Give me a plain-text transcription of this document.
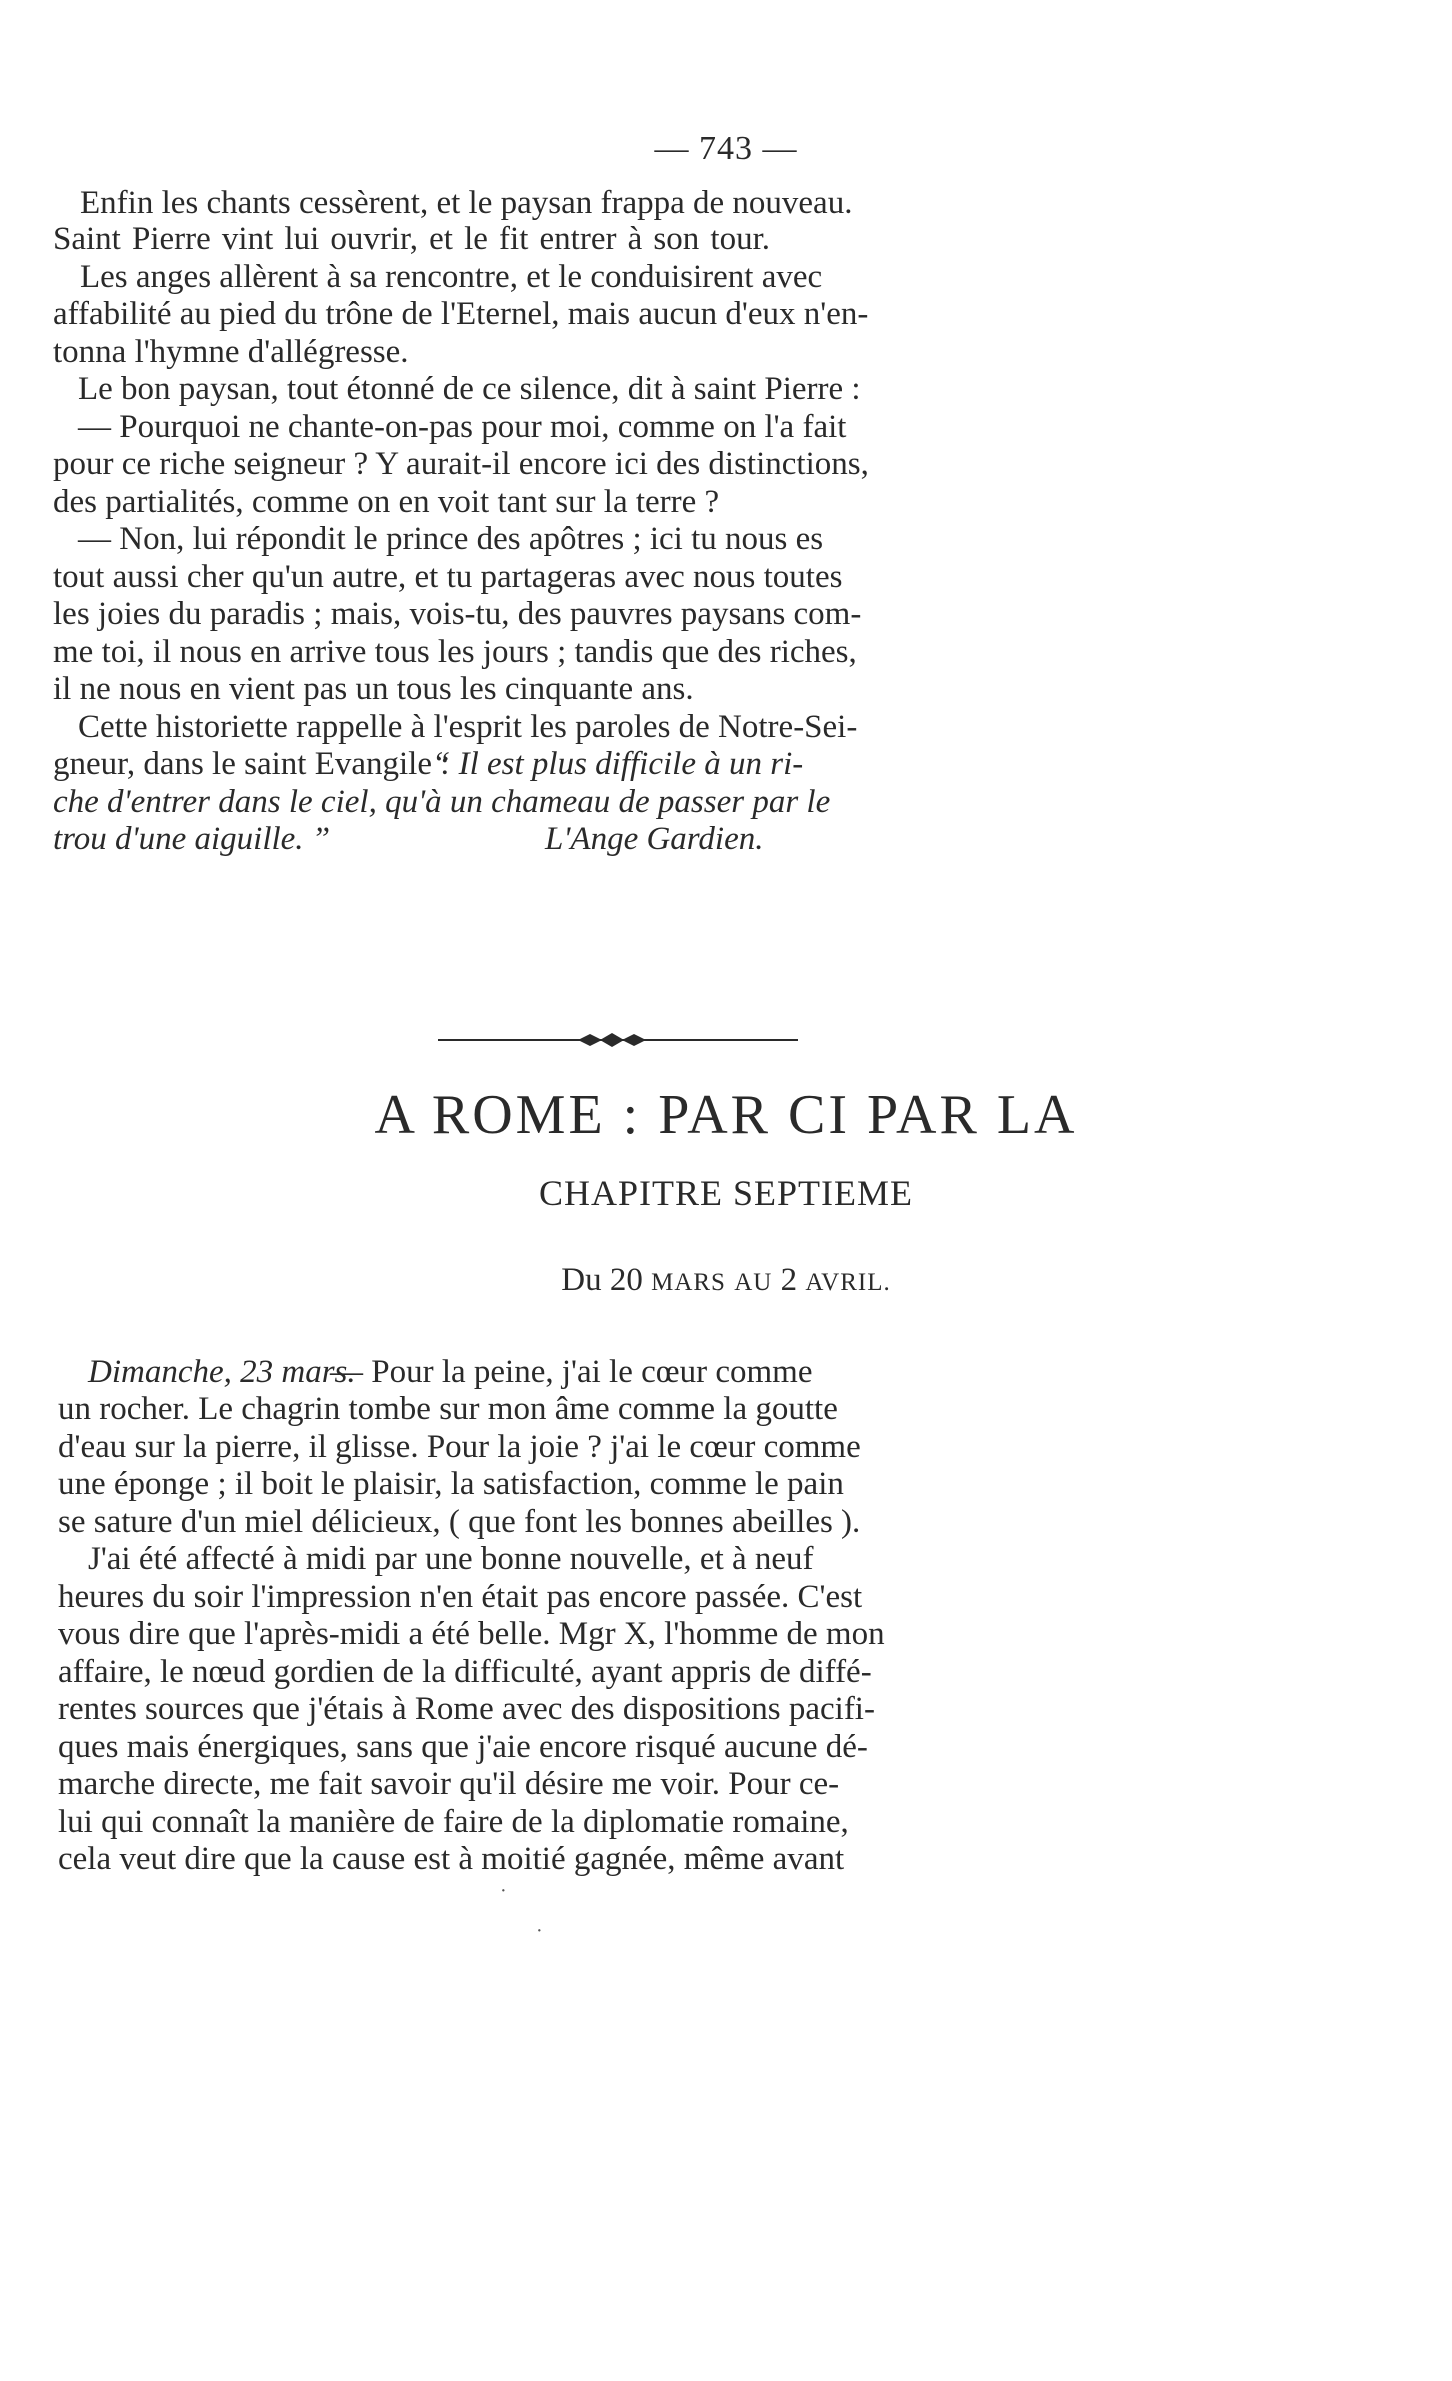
— 743 —
Enfin les chants cessèrent, et le paysan frappa de nouveau.
Saint Pierre vint lui ouvrir, et le fit entrer à son tour.
Les anges allèrent à sa rencontre, et le conduisirent avec
affabilité au pied du trône de l'Eternel, mais aucun d'eux n'en-
tonna l'hymne d'allégresse.
Le bon paysan, tout étonné de ce silence, dit à saint Pierre :
— Pourquoi ne chante-on-pas pour moi, comme on l'a fait
pour ce riche seigneur ? Y aurait-il encore ici des distinctions,
des partialités, comme on en voit tant sur la terre ?
— Non, lui répondit le prince des apôtres ; ici tu nous es
tout aussi cher qu'un autre, et tu partageras avec nous toutes
les joies du paradis ; mais, vois-tu, des pauvres paysans com-
me toi, il nous en arrive tous les jours ; tandis que des riches,
il ne nous en vient pas un tous les cinquante ans.
Cette historiette rappelle à l'esprit les paroles de Notre-Sei-
gneur, dans le saint Evangile :
“ Il est plus difficile à un ri-
che d'entrer dans le ciel, qu'à un chameau de passer par le
trou d'une aiguille. ”	L'Ange Gardien.
A ROME : PAR CI PAR LA
CHAPITRE SEPTIEME
Du 20 MARS AU 2 AVRIL.
Dimanche, 23 mars.
— Pour la peine, j'ai le cœur comme
un rocher. Le chagrin tombe sur mon âme comme la goutte
d'eau sur la pierre, il glisse. Pour la joie ? j'ai le cœur comme
une éponge ; il boit le plaisir, la satisfaction, comme le pain
se sature d'un miel délicieux, ( que font les bonnes abeilles ).
J'ai été affecté à midi par une bonne nouvelle, et à neuf
heures du soir l'impression n'en était pas encore passée. C'est
vous dire que l'après-midi a été belle. Mgr X, l'homme de mon
affaire, le nœud gordien de la difficulté, ayant appris de diffé-
rentes sources que j'étais à Rome avec des dispositions pacifi-
ques mais énergiques, sans que j'aie encore risqué aucune dé-
marche directe, me fait savoir qu'il désire me voir. Pour ce-
lui qui connaît la manière de faire de la diplomatie romaine,
cela veut dire que la cause est à moitié gagnée, même avant
·
·
